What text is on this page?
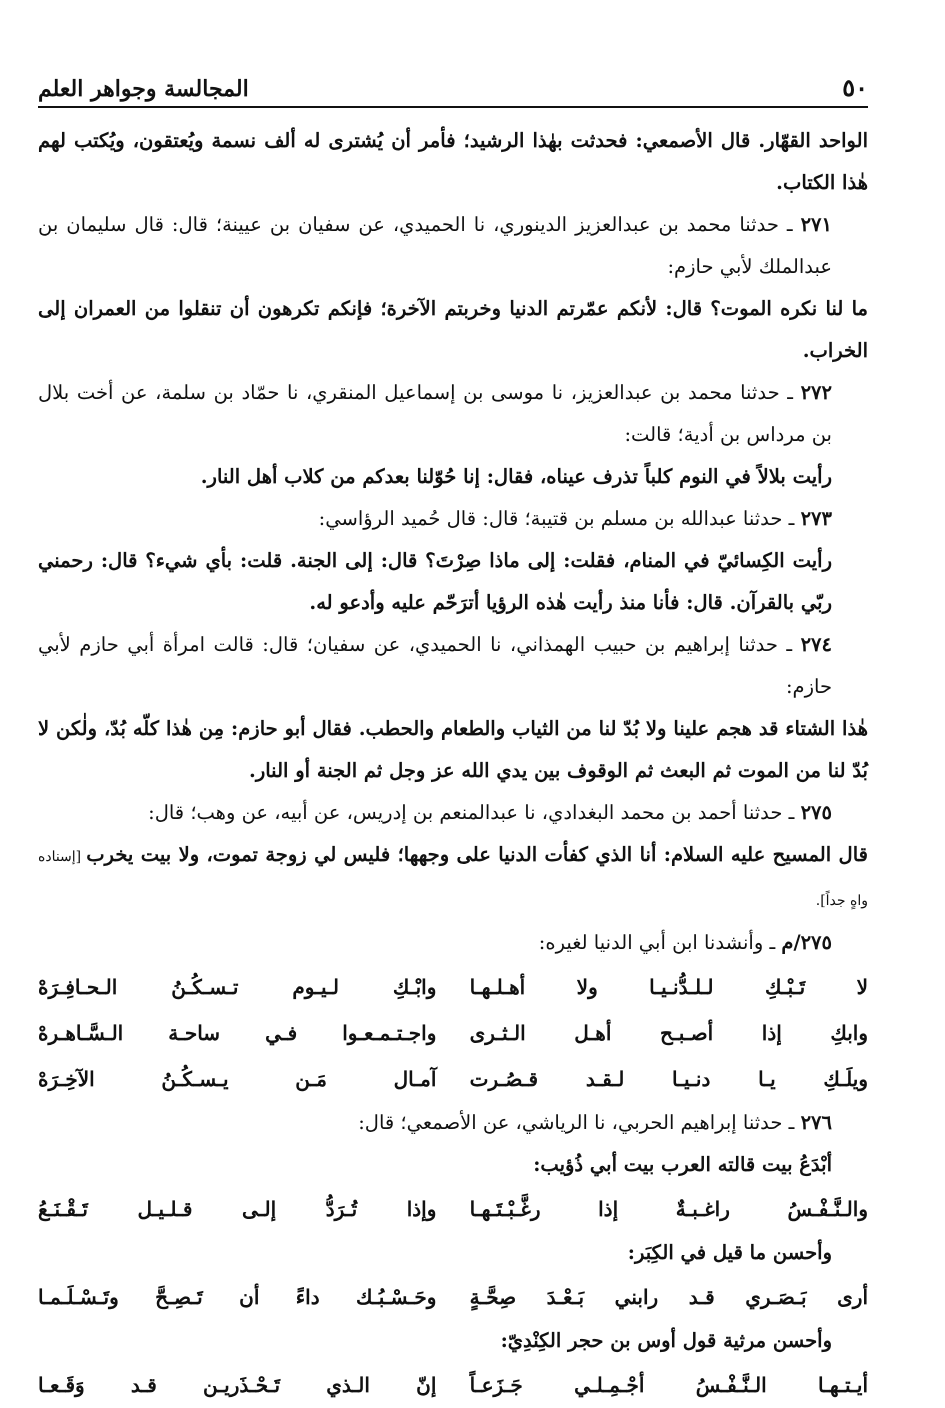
٥٠
المجالسة وجواهر العلم

الواحد القهّار. قال الأصمعي: فحدثت بهٰذا الرشيد؛ فأمر أن يُشترى له ألف نسمة ويُعتقون، ويُكتب لهم هٰذا الكتاب.

٢٧١ ـ حدثنا محمد بن عبدالعزيز الدينوري، نا الحميدي، عن سفيان بن عيينة؛ قال: قال سليمان بن عبدالملك لأبي حازم:

ما لنا نكره الموت؟ قال: لأنكم عمّرتم الدنيا وخربتم الآخرة؛ فإنكم تكرهون أن تنقلوا من العمران إلى الخراب.

٢٧٢ ـ حدثنا محمد بن عبدالعزيز، نا موسى بن إسماعيل المنقري، نا حمّاد بن سلمة، عن أخت بلال بن مرداس بن أدية؛ قالت:

رأيت بلالاً في النوم كلباً تذرف عيناه، فقال: إنا حُوّلنا بعدكم من كلاب أهل النار.

٢٧٣ ـ حدثنا عبدالله بن مسلم بن قتيبة؛ قال: قال حُميد الرؤاسي:

رأيت الكِسائيّ في المنام، فقلت: إلى ماذا صِرْتَ؟ قال: إلى الجنة. قلت: بأي شيء؟ قال: رحمني ربّي بالقرآن. قال: فأنا منذ رأيت هٰذه الرؤيا أترَحّم عليه وأدعو له.

٢٧٤ ـ حدثنا إبراهيم بن حبيب الهمذاني، نا الحميدي، عن سفيان؛ قال: قالت امرأة أبي حازم لأبي حازم:

هٰذا الشتاء قد هجم علينا ولا بُدّ لنا من الثياب والطعام والحطب. فقال أبو حازم: مِن هٰذا كلّه بُدّ، ولٰكن لا بُدّ لنا من الموت ثم البعث ثم الوقوف بين يدي الله عز وجل ثم الجنة أو النار.

٢٧٥ ـ حدثنا أحمد بن محمد البغدادي، نا عبدالمنعم بن إدريس، عن أبيه، عن وهب؛ قال:

قال المسيح عليه السلام: أنا الذي كفأت الدنيا على وجهها؛ فليس لي زوجة تموت، ولا بيت يخرب [إسناده واهٍ جداً].

٢٧٥/م ـ وأنشدنا ابن أبي الدنيا لغيره:

لا تَـبْـكِ لـلـدُّنـيـا ولا أهـلـهـا
وابْـكِ لـيـوم تـسـكُـنُ الـحـافِـرَهْ
وابكِ إذا أصـبـح أهـل الـثـرى
واجـتـمـعـوا فـي ساحـة الـسَّـاهـرهْ
ويلَـكِ يـا دنـيـا لـقـد قـصُـرت
آمـال مَـن يـسـكُـنُ الآخِـرَهْ

٢٧٦ ـ حدثنا إبراهيم الحربي، نا الرياشي، عن الأصمعي؛ قال:

أبْدَعُ بيت قالته العرب بيت أبي ذُؤيب:

والـنَّـفْـسُ راغـبـةٌ إذا رغَّـبْـتَـهـا
وإذا تُـرَدُّ إلـى قـلـيـل تَـقْـنَـعُ

وأحسن ما قيل في الكِبَر:

أرى بَـصَـري قـد رابني بَـعْـدَ صِحَّـةٍ
وحَـسْـبُـك داءً أن تَـصِـحَّ وتَـسْـلَـمـا

وأحسن مرثية قول أوس بن حجر الكِنْدِيّ:

أيـتـهـا الـنَّـفْـسُ أجْـمِـلـي جَـزَعـاً
إنّ الـذي تَـحْـذَريـن قـد وَقَـعـا
